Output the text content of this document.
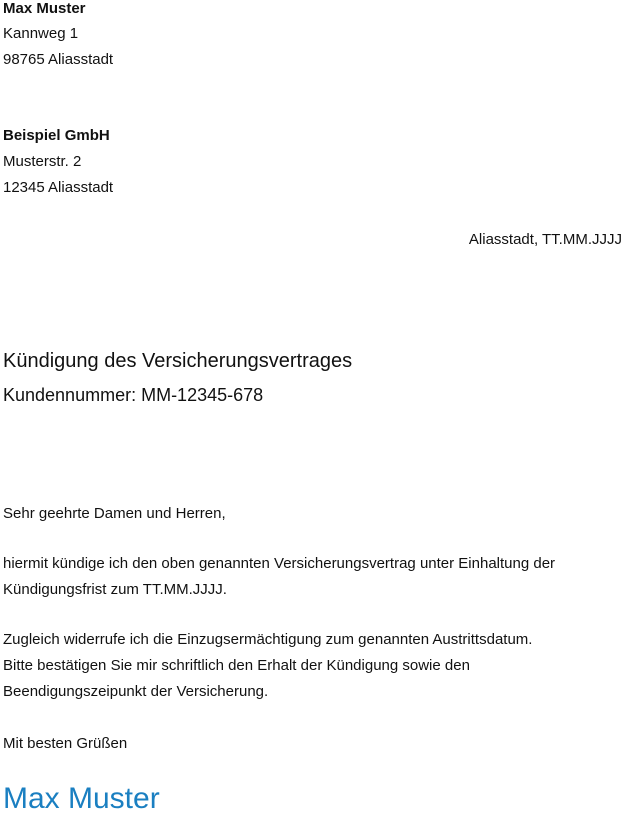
Max Muster
Kannweg 1
98765 Aliasstadt
Beispiel GmbH
Musterstr. 2
12345 Aliasstadt
Aliasstadt, TT.MM.JJJJ
Kündigung des Versicherungsvertrages
Kundennummer: MM-12345-678
Sehr geehrte Damen und Herren,
hiermit kündige ich den oben genannten Versicherungsvertrag unter Einhaltung der
Kündigungsfrist zum TT.MM.JJJJ.
Zugleich widerrufe ich die Einzugsermächtigung zum genannten Austrittsdatum.
Bitte bestätigen Sie mir schriftlich den Erhalt der Kündigung sowie den
Beendigungszeipunkt der Versicherung.
Mit besten Grüßen
Max Muster
